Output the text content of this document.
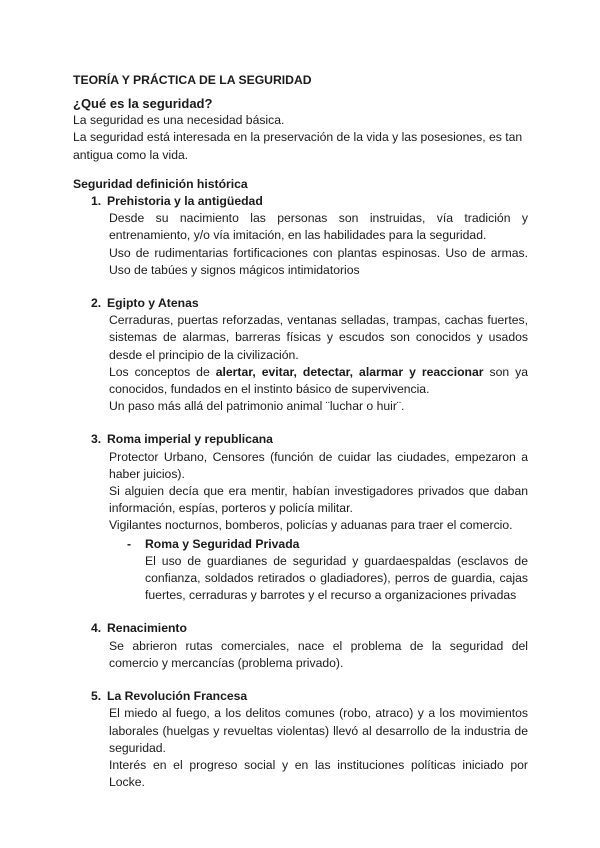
TEORÍA Y PRÁCTICA DE LA SEGURIDAD

¿Qué es la seguridad?

La seguridad es una necesidad básica.

La seguridad está interesada en la preservación de la vida y las posesiones, es tan antigua como la vida.

Seguridad definición histórica

1. Prehistoria y la antigüedad

Desde su nacimiento las personas son instruidas, vía tradición y entrenamiento, y/o vía imitación, en las habilidades para la seguridad.

Uso de rudimentarias fortificaciones con plantas espinosas. Uso de armas. Uso de tabúes y signos mágicos intimidatorios

2. Egipto y Atenas

Cerraduras, puertas reforzadas, ventanas selladas, trampas, cachas fuertes, sistemas de alarmas, barreras físicas y escudos son conocidos y usados desde el principio de la civilización.

Los conceptos de alertar, evitar, detectar, alarmar y reaccionar son ya conocidos, fundados en el instinto básico de supervivencia.

Un paso más allá del patrimonio animal ¨luchar o huir¨.

3. Roma imperial y republicana

Protector Urbano, Censores (función de cuidar las ciudades, empezaron a haber juicios).

Si alguien decía que era mentir, habían investigadores privados que daban información, espías, porteros y policía militar.

Vigilantes nocturnos, bomberos, policías y aduanas para traer el comercio.

- Roma y Seguridad Privada

El uso de guardianes de seguridad y guardaespaldas (esclavos de confianza, soldados retirados o gladiadores), perros de guardia, cajas fuertes, cerraduras y barrotes y el recurso a organizaciones privadas

4. Renacimiento

Se abrieron rutas comerciales, nace el problema de la seguridad del comercio y mercancías (problema privado).

5. La Revolución Francesa

El miedo al fuego, a los delitos comunes (robo, atraco) y a los movimientos laborales (huelgas y revueltas violentas) llevó al desarrollo de la industria de seguridad.

Interés en el progreso social y en las instituciones políticas iniciado por Locke.
